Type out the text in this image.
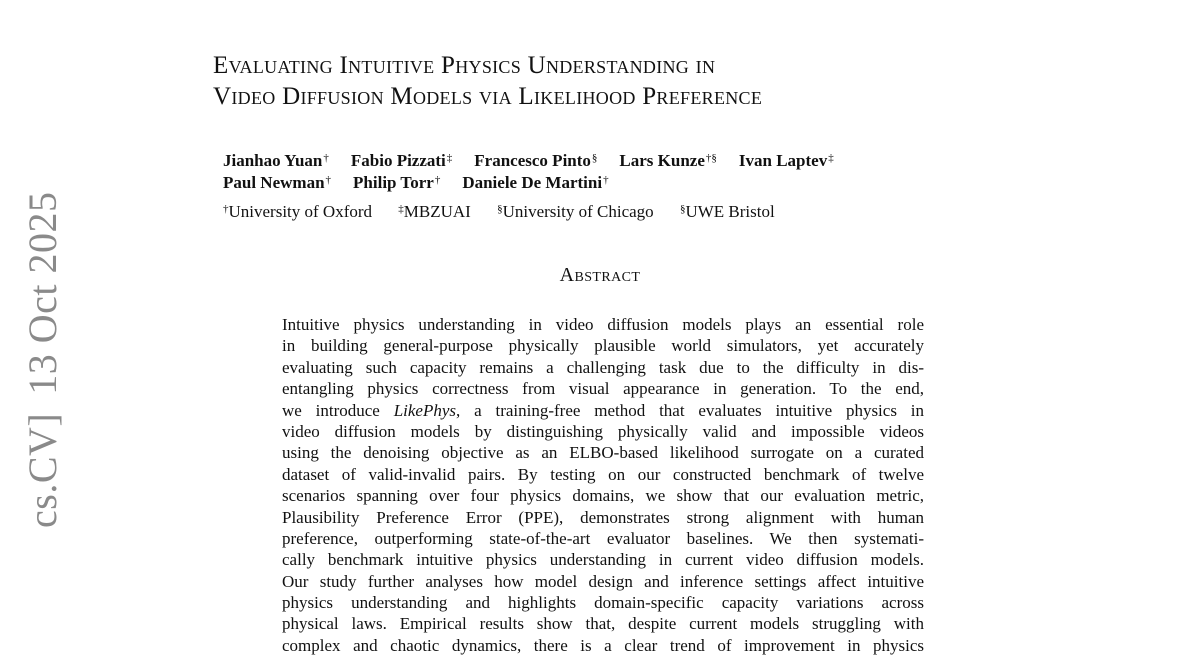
cs.CV]13 Oct 2025
Evaluating Intuitive Physics Understanding in
Video Diffusion Models via Likelihood Preference
Jianhao Yuan† Fabio Pizzati‡ Francesco Pinto§ Lars Kunze†§ Ivan Laptev‡
Paul Newman† Philip Torr† Daniele De Martini†
†University of Oxford ‡MBZUAI §University of Chicago §UWE Bristol
Abstract
Intuitive physics understanding in video diffusion models plays an essential role
in building general-purpose physically plausible world simulators, yet accurately
evaluating such capacity remains a challenging task due to the difficulty in dis-
entangling physics correctness from visual appearance in generation. To the end,
we introduce LikePhys, a training-free method that evaluates intuitive physics in
video diffusion models by distinguishing physically valid and impossible videos
using the denoising objective as an ELBO-based likelihood surrogate on a curated
dataset of valid-invalid pairs. By testing on our constructed benchmark of twelve
scenarios spanning over four physics domains, we show that our evaluation metric,
Plausibility Preference Error (PPE), demonstrates strong alignment with human
preference, outperforming state-of-the-art evaluator baselines. We then systemati-
cally benchmark intuitive physics understanding in current video diffusion models.
Our study further analyses how model design and inference settings affect intuitive
physics understanding and highlights domain-specific capacity variations across
physical laws. Empirical results show that, despite current models struggling with
complex and chaotic dynamics, there is a clear trend of improvement in physics
